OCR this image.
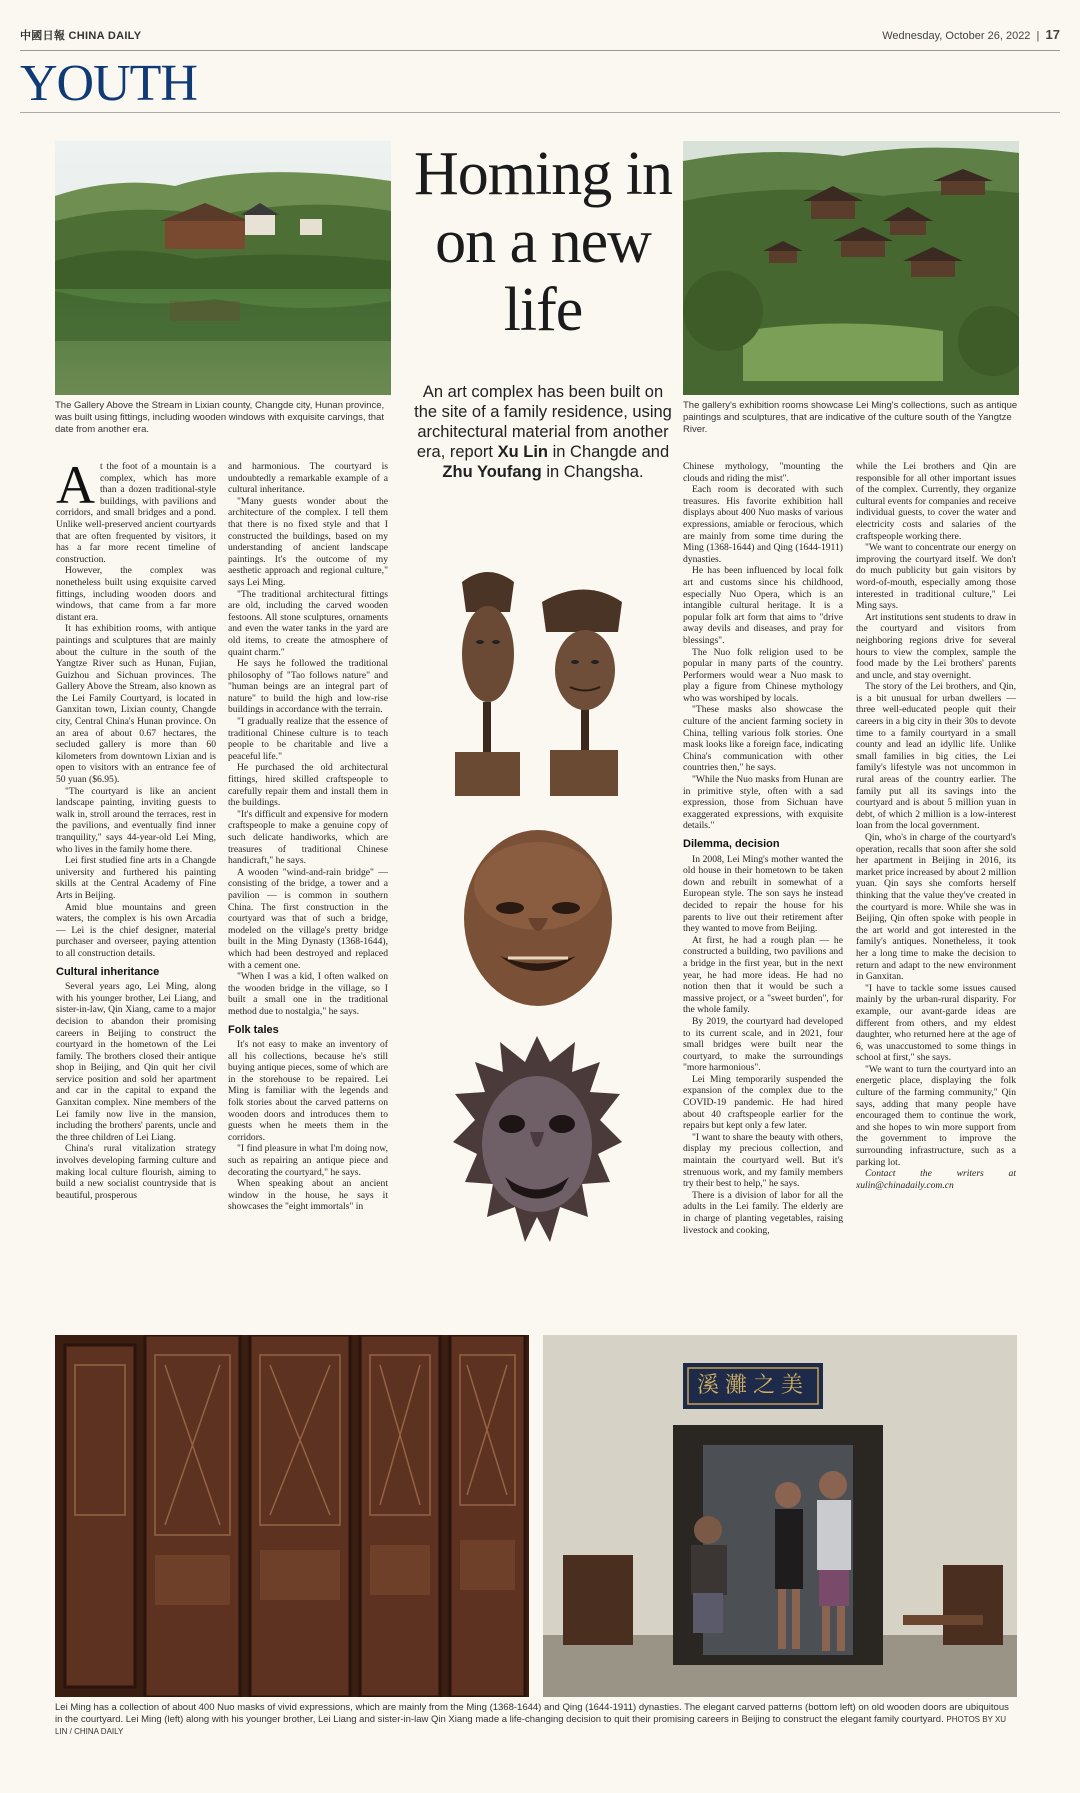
中國日報 CHINA DAILY	Wednesday, October 26, 2022  |  17
YOUTH
The Gallery Above the Stream in Lixian county, Changde city, Hunan province, was built using fittings, including wooden windows with exquisite carvings, that date from another era.
The gallery's exhibition rooms showcase Lei Ming's collections, such as antique paintings and sculptures, that are indicative of the culture south of the Yangtze River.
Homing in on a new life
An art complex has been built on the site of a family residence, using architectural material from another era, report Xu Lin in Changde and Zhu Youfang in Changsha.

At the foot of a mountain is a complex, which has more than a dozen traditional-style buildings, with pavilions and corridors, and small bridges and a pond. Unlike well-preserved ancient courtyards that are often frequented by visitors, it has a far more recent timeline of construction.

However, the complex was nonetheless built using exquisite carved fittings, including wooden doors and windows, that came from a far more distant era.

It has exhibition rooms, with antique paintings and sculptures that are mainly about the culture in the south of the Yangtze River such as Hunan, Fujian, Guizhou and Sichuan provinces. The Gallery Above the Stream, also known as the Lei Family Courtyard, is located in Ganxitan town, Lixian county, Changde city, Central China's Hunan province. On an area of about 0.67 hectares, the secluded gallery is more than 60 kilometers from downtown Lixian and is open to visitors with an entrance fee of 50 yuan ($6.95).

"The courtyard is like an ancient landscape painting, inviting guests to walk in, stroll around the terraces, rest in the pavilions, and eventually find inner tranquility," says 44-year-old Lei Ming, who lives in the family home there.

Lei first studied fine arts in a Changde university and furthered his painting skills at the Central Academy of Fine Arts in Beijing.

Amid blue mountains and green waters, the complex is his own Arcadia — Lei is the chief designer, material purchaser and overseer, paying attention to all construction details.

Cultural inheritance

Several years ago, Lei Ming, along with his younger brother, Lei Liang, and sister-in-law, Qin Xiang, came to a major decision to abandon their promising careers in Beijing to construct the courtyard in the hometown of the Lei family. The brothers closed their antique shop in Beijing, and Qin quit her civil service position and sold her apartment and car in the capital to expand the Ganxitan complex. Nine members of the Lei family now live in the mansion, including the brothers' parents, uncle and the three children of Lei Liang.

China's rural vitalization strategy involves developing farming culture and making local culture flourish, aiming to build a new socialist countryside that is beautiful, prosperous

and harmonious. The courtyard is undoubtedly a remarkable example of a cultural inheritance.

"Many guests wonder about the architecture of the complex. I tell them that there is no fixed style and that I constructed the buildings, based on my understanding of ancient landscape paintings. It's the outcome of my aesthetic approach and regional culture," says Lei Ming.

"The traditional architectural fittings are old, including the carved wooden festoons. All stone sculptures, ornaments and even the water tanks in the yard are old items, to create the atmosphere of quaint charm."

He says he followed the traditional philosophy of "Tao follows nature" and "human beings are an integral part of nature" to build the high and low-rise buildings in accordance with the terrain.

"I gradually realize that the essence of traditional Chinese culture is to teach people to be charitable and live a peaceful life."

He purchased the old architectural fittings, hired skilled craftspeople to carefully repair them and install them in the buildings.

"It's difficult and expensive for modern craftspeople to make a genuine copy of such delicate handiworks, which are treasures of traditional Chinese handicraft," he says.

A wooden "wind-and-rain bridge" — consisting of the bridge, a tower and a pavilion — is common in southern China. The first construction in the courtyard was that of such a bridge, modeled on the village's pretty bridge built in the Ming Dynasty (1368-1644), which had been destroyed and replaced with a cement one.

"When I was a kid, I often walked on the wooden bridge in the village, so I built a small one in the traditional method due to nostalgia," he says.

Folk tales

It's not easy to make an inventory of all his collections, because he's still buying antique pieces, some of which are in the storehouse to be repaired. Lei Ming is familiar with the legends and folk stories about the carved patterns on wooden doors and introduces them to guests when he meets them in the corridors.

"I find pleasure in what I'm doing now, such as repairing an antique piece and decorating the courtyard," he says.

When speaking about an ancient window in the house, he says it showcases the "eight immortals" in

Chinese mythology, "mounting the clouds and riding the mist".

Each room is decorated with such treasures. His favorite exhibition hall displays about 400 Nuo masks of various expressions, amiable or ferocious, which are mainly from some time during the Ming (1368-1644) and Qing (1644-1911) dynasties.

He has been influenced by local folk art and customs since his childhood, especially Nuo Opera, which is an intangible cultural heritage. It is a popular folk art form that aims to "drive away devils and diseases, and pray for blessings".

The Nuo folk religion used to be popular in many parts of the country. Performers would wear a Nuo mask to play a figure from Chinese mythology who was worshiped by locals.

"These masks also showcase the culture of the ancient farming society in China, telling various folk stories. One mask looks like a foreign face, indicating China's communication with other countries then," he says.

"While the Nuo masks from Hunan are in primitive style, often with a sad expression, those from Sichuan have exaggerated expressions, with exquisite details."

Dilemma, decision

In 2008, Lei Ming's mother wanted the old house in their hometown to be taken down and rebuilt in somewhat of a European style. The son says he instead decided to repair the house for his parents to live out their retirement after they wanted to move from Beijing.

At first, he had a rough plan — he constructed a building, two pavilions and a bridge in the first year, but in the next year, he had more ideas. He had no notion then that it would be such a massive project, or a "sweet burden", for the whole family.

By 2019, the courtyard had developed to its current scale, and in 2021, four small bridges were built near the courtyard, to make the surroundings "more harmonious".

Lei Ming temporarily suspended the expansion of the complex due to the COVID-19 pandemic. He had hired about 40 craftspeople earlier for the repairs but kept only a few later.

"I want to share the beauty with others, display my precious collection, and maintain the courtyard well. But it's strenuous work, and my family members try their best to help," he says.

There is a division of labor for all the adults in the Lei family. The elderly are in charge of planting vegetables, raising livestock and cooking,

while the Lei brothers and Qin are responsible for all other important issues of the complex. Currently, they organize cultural events for companies and receive individual guests, to cover the water and electricity costs and salaries of the craftspeople working there.

"We want to concentrate our energy on improving the courtyard itself. We don't do much publicity but gain visitors by word-of-mouth, especially among those interested in traditional culture," Lei Ming says.

Art institutions sent students to draw in the courtyard and visitors from neighboring regions drive for several hours to view the complex, sample the food made by the Lei brothers' parents and uncle, and stay overnight.

The story of the Lei brothers, and Qin, is a bit unusual for urban dwellers — three well-educated people quit their careers in a big city in their 30s to devote time to a family courtyard in a small county and lead an idyllic life. Unlike small families in big cities, the Lei family's lifestyle was not uncommon in rural areas of the country earlier. The family put all its savings into the courtyard and is about 5 million yuan in debt, of which 2 million is a low-interest loan from the local government.

Qin, who's in charge of the courtyard's operation, recalls that soon after she sold her apartment in Beijing in 2016, its market price increased by about 2 million yuan. Qin says she comforts herself thinking that the value they've created in the courtyard is more. While she was in Beijing, Qin often spoke with people in the art world and got interested in the family's antiques. Nonetheless, it took her a long time to make the decision to return and adapt to the new environment in Ganxitan.

"I have to tackle some issues caused mainly by the urban-rural disparity. For example, our avant-garde ideas are different from others, and my eldest daughter, who returned here at the age of 6, was unaccustomed to some things in school at first," she says.

"We want to turn the courtyard into an energetic place, displaying the folk culture of the farming community," Qin says, adding that many people have encouraged them to continue the work, and she hopes to win more support from the government to improve the surrounding infrastructure, such as a parking lot.

Contact the writers at xulin@chinadaily.com.cn

溪灘之美
Lei Ming has a collection of about 400 Nuo masks of vivid expressions, which are mainly from the Ming (1368-1644) and Qing (1644-1911) dynasties. The elegant carved patterns (bottom left) on old wooden doors are ubiquitous in the courtyard. Lei Ming (left) along with his younger brother, Lei Liang and sister-in-law Qin Xiang made a life-changing decision to quit their promising careers in Beijing to construct the elegant family courtyard. PHOTOS BY XU LIN / CHINA DAILY
